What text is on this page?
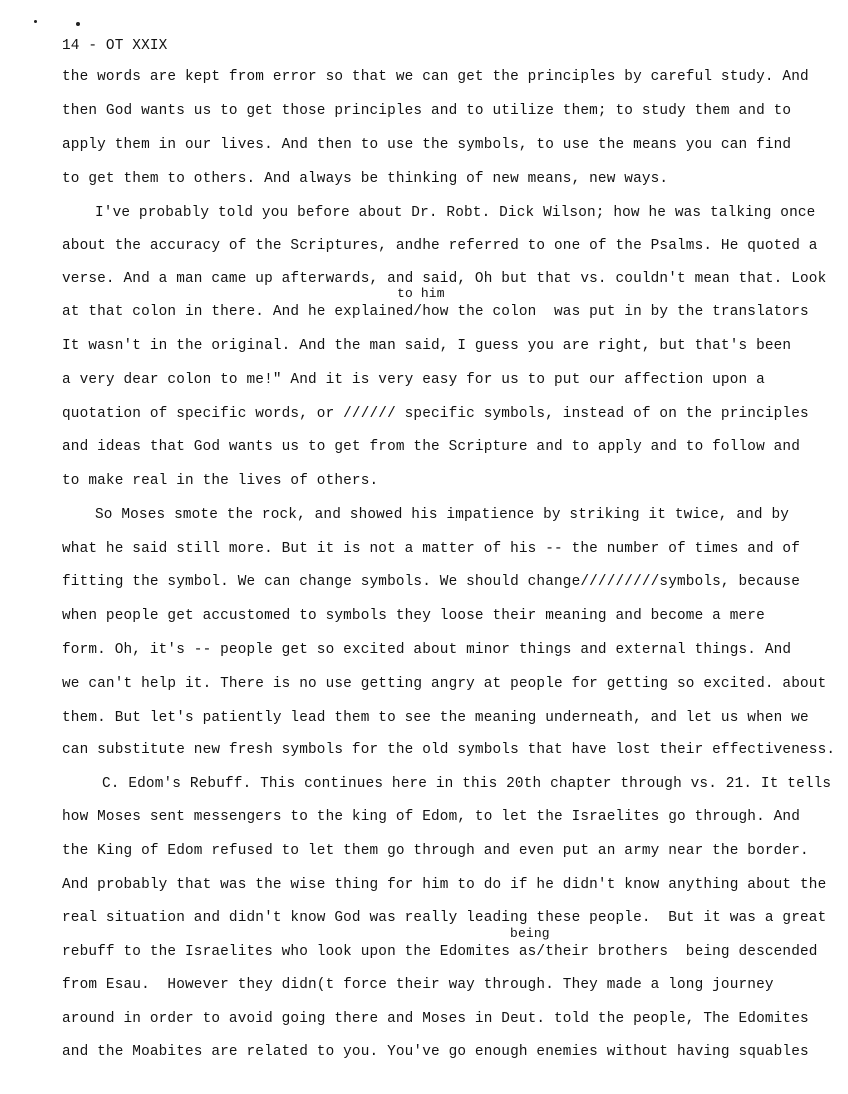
14 - OT XXIX
the words are kept from error so that we can get the principles by careful study. And
then God wants us to get those principles and to utilize them; to study them and to
apply them in our lives. And then to use the symbols, to use the means you can find
to get them to others. And always be thinking of new means, new ways.
I've probably told you before about Dr. Robt. Dick Wilson; how he was talking once
about the accuracy of the Scriptures, andhe referred to one of the Psalms. He quoted a
verse. And a man came up afterwards, and said, Oh but that vs. couldn't mean that. Look
to him
at that colon in there. And he explained/how the colon  was put in by the translators
It wasn't in the original. And the man said, I guess you are right, but that's been
a very dear colon to me!" And it is very easy for us to put our affection upon a
quotation of specific words, or ////// specific symbols, instead of on the principles
and ideas that God wants us to get from the Scripture and to apply and to follow and
to make real in the lives of others.
So Moses smote the rock, and showed his impatience by striking it twice, and by
what he said still more. But it is not a matter of his -- the number of times and of
fitting the symbol. We can change symbols. We should change/////////symbols, because
when people get accustomed to symbols they loose their meaning and become a mere
form. Oh, it's -- people get so excited about minor things and external things. And
we can't help it. There is no use getting angry at people for getting so excited. about
them. But let's patiently lead them to see the meaning underneath, and let us when we
can substitute new fresh symbols for the old symbols that have lost their effectiveness.
C. Edom's Rebuff. This continues here in this 20th chapter through vs. 21. It tells
how Moses sent messengers to the king of Edom, to let the Israelites go through. And
the King of Edom refused to let them go through and even put an army near the border.
And probably that was the wise thing for him to do if he didn't know anything about the
real situation and didn't know God was really leading these people.  But it was a great
being
rebuff to the Israelites who look upon the Edomites as/their brothers  being descended
from Esau.  However they didn(t force their way through. They made a long journey
around in order to avoid going there and Moses in Deut. told the people, The Edomites
and the Moabites are related to you. You've go enough enemies without having squables
